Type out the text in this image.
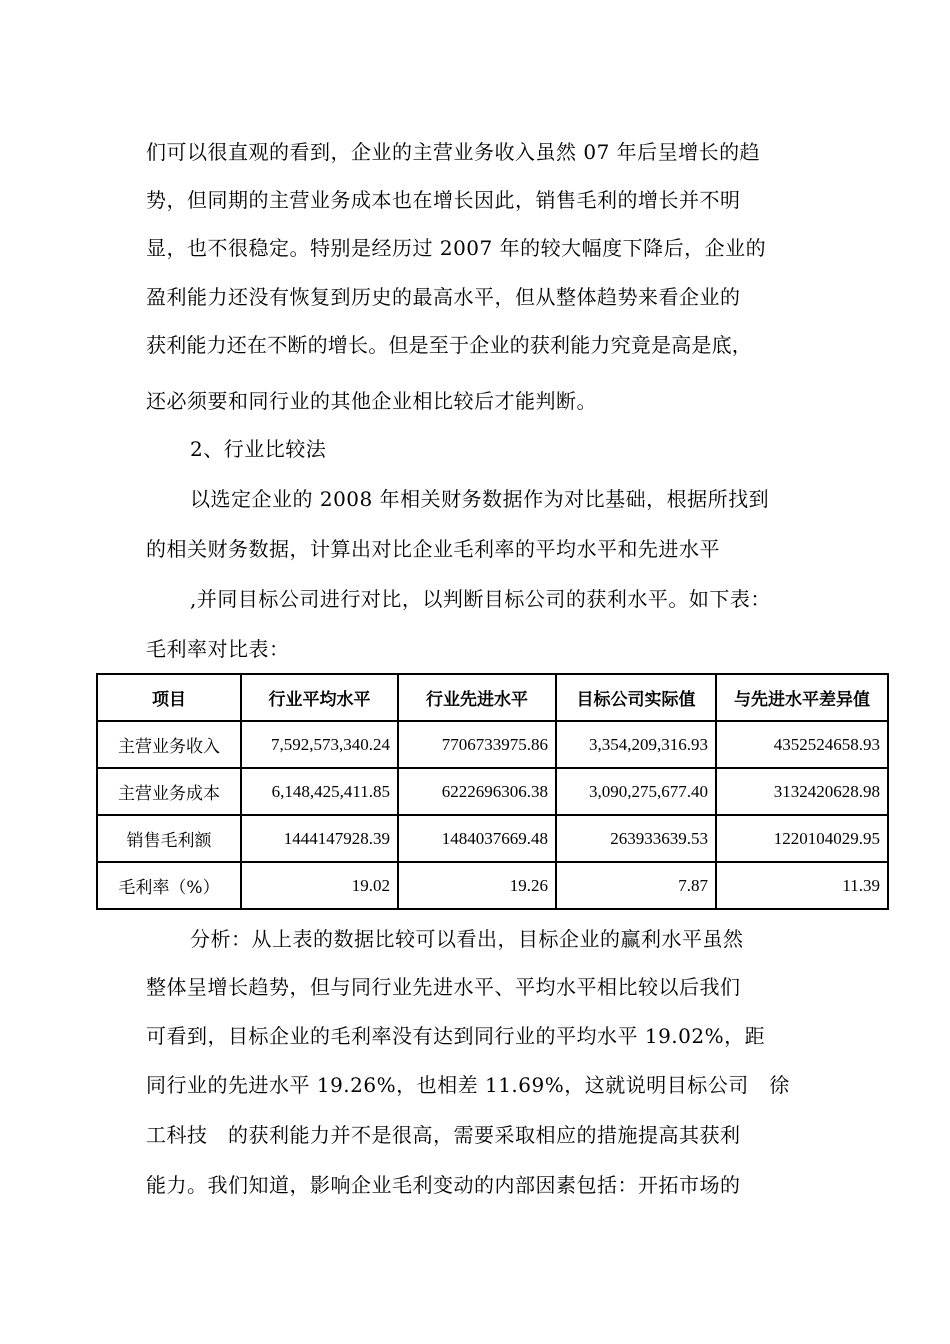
们可以很直观的看到，企业的主营业务收入虽然 07 年后呈增长的趋
势，但同期的主营业务成本也在增长因此，销售毛利的增长并不明
显，也不很稳定。特别是经历过 2007 年的较大幅度下降后，企业的
盈利能力还没有恢复到历史的最高水平，但从整体趋势来看企业的
获利能力还在不断的增长。但是至于企业的获利能力究竟是高是底，
还必须要和同行业的其他企业相比较后才能判断。
2、行业比较法
以选定企业的 2008 年相关财务数据作为对比基础，根据所找到
的相关财务数据，计算出对比企业毛利率的平均水平和先进水平
,并同目标公司进行对比，以判断目标公司的获利水平。如下表：
毛利率对比表：
项目	行业平均水平	行业先进水平	目标公司实际值	与先进水平差异值
主营业务收入	7,592,573,340.24	7706733975.86	3,354,209,316.93	4352524658.93
主营业务成本	6,148,425,411.85	6222696306.38	3,090,275,677.40	3132420628.98
销售毛利额	1444147928.39	1484037669.48	263933639.53	1220104029.95
毛利率（%）	19.02	19.26	7.87	11.39
分析：从上表的数据比较可以看出，目标企业的赢利水平虽然
整体呈增长趋势，但与同行业先进水平、平均水平相比较以后我们
可看到，目标企业的毛利率没有达到同行业的平均水平 19.02%，距
同行业的先进水平 19.26%，也相差 11.69%，这就说明目标公司　徐
工科技　的获利能力并不是很高，需要采取相应的措施提高其获利
能力。我们知道，影响企业毛利变动的内部因素包括：开拓市场的
